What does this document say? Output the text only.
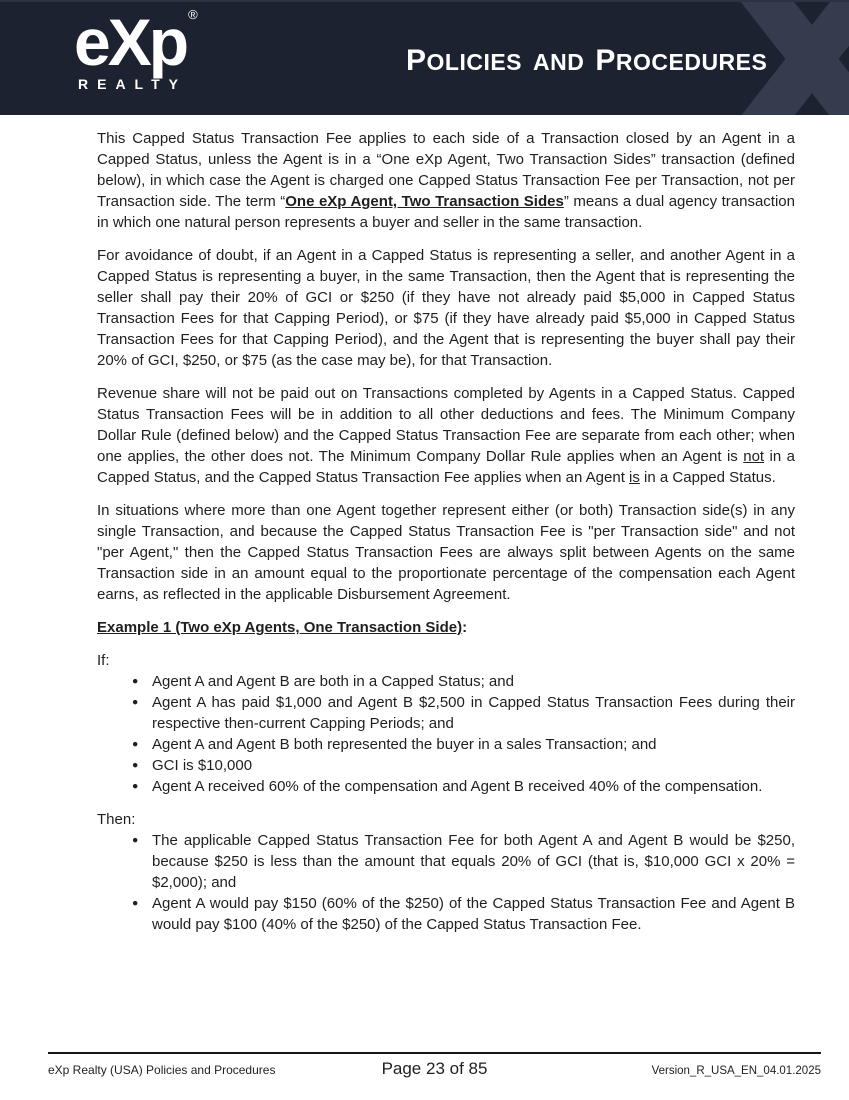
eXp ®
REALTY
POLICIES AND PROCEDURES

This Capped Status Transaction Fee applies to each side of a Transaction closed by an Agent in a Capped Status, unless the Agent is in a “One eXp Agent, Two Transaction Sides” transaction (defined below), in which case the Agent is charged one Capped Status Transaction Fee per Transaction, not per Transaction side. The term “One eXp Agent, Two Transaction Sides” means a dual agency transaction in which one natural person represents a buyer and seller in the same transaction.

For avoidance of doubt, if an Agent in a Capped Status is representing a seller, and another Agent in a Capped Status is representing a buyer, in the same Transaction, then the Agent that is representing the seller shall pay their 20% of GCI or $250 (if they have not already paid $5,000 in Capped Status Transaction Fees for that Capping Period), or $75 (if they have already paid $5,000 in Capped Status Transaction Fees for that Capping Period), and the Agent that is representing the buyer shall pay their 20% of GCI, $250, or $75 (as the case may be), for that Transaction.

Revenue share will not be paid out on Transactions completed by Agents in a Capped Status. Capped Status Transaction Fees will be in addition to all other deductions and fees. The Minimum Company Dollar Rule (defined below) and the Capped Status Transaction Fee are separate from each other; when one applies, the other does not. The Minimum Company Dollar Rule applies when an Agent is not in a Capped Status, and the Capped Status Transaction Fee applies when an Agent is in a Capped Status.

In situations where more than one Agent together represent either (or both) Transaction side(s) in any single Transaction, and because the Capped Status Transaction Fee is "per Transaction side" and not "per Agent," then the Capped Status Transaction Fees are always split between Agents on the same Transaction side in an amount equal to the proportionate percentage of the compensation each Agent earns, as reflected in the applicable Disbursement Agreement.

Example 1 (Two eXp Agents, One Transaction Side):

If:

● Agent A and Agent B are both in a Capped Status; and
● Agent A has paid $1,000 and Agent B $2,500 in Capped Status Transaction Fees during their respective then-current Capping Periods; and
● Agent A and Agent B both represented the buyer in a sales Transaction; and
● GCI is $10,000
● Agent A received 60% of the compensation and Agent B received 40% of the compensation.

Then:

● The applicable Capped Status Transaction Fee for both Agent A and Agent B would be $250, because $250 is less than the amount that equals 20% of GCI (that is, $10,000 GCI x 20% = $2,000); and
● Agent A would pay $150 (60% of the $250) of the Capped Status Transaction Fee and Agent B would pay $100 (40% of the $250) of the Capped Status Transaction Fee.
eXp Realty (USA) Policies and Procedures	Page 23 of 85	Version_R_USA_EN_04.01.2025
